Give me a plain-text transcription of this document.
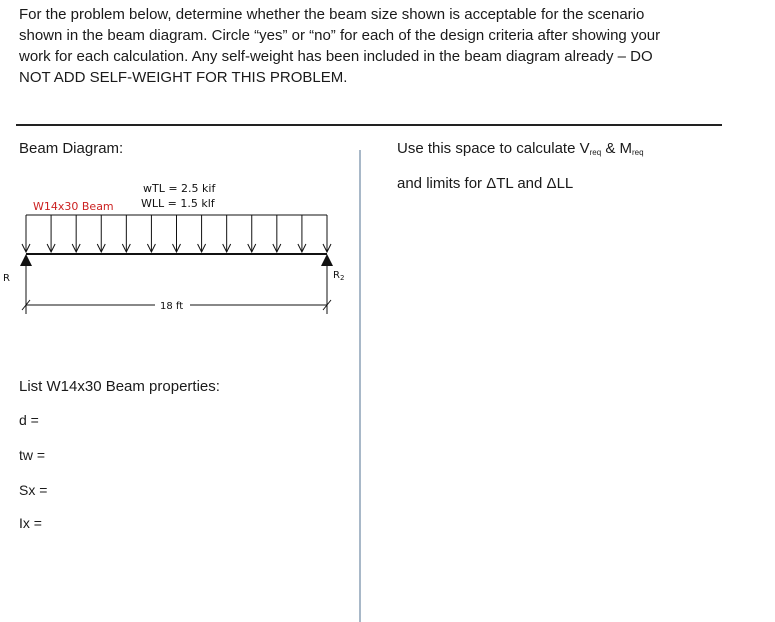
For the problem below, determine whether the beam size shown is acceptable for the scenario
shown in the beam diagram. Circle “yes” or “no” for each of the design criteria after showing your
work for each calculation. Any self-weight has been included in the beam diagram already – DO
NOT ADD SELF-WEIGHT FOR THIS PROBLEM.
Beam Diagram:	Use this space to calculate $V_{req}$ & $M_{req}$
and limits for ΔTL and ΔLL
W14x30 Beam
wTL = 2.5 kif
WLL = 1.5 klf
R	$R_2$
18 ft
List W14x30 Beam properties:
d =
tw =
Sx =
Ix =
